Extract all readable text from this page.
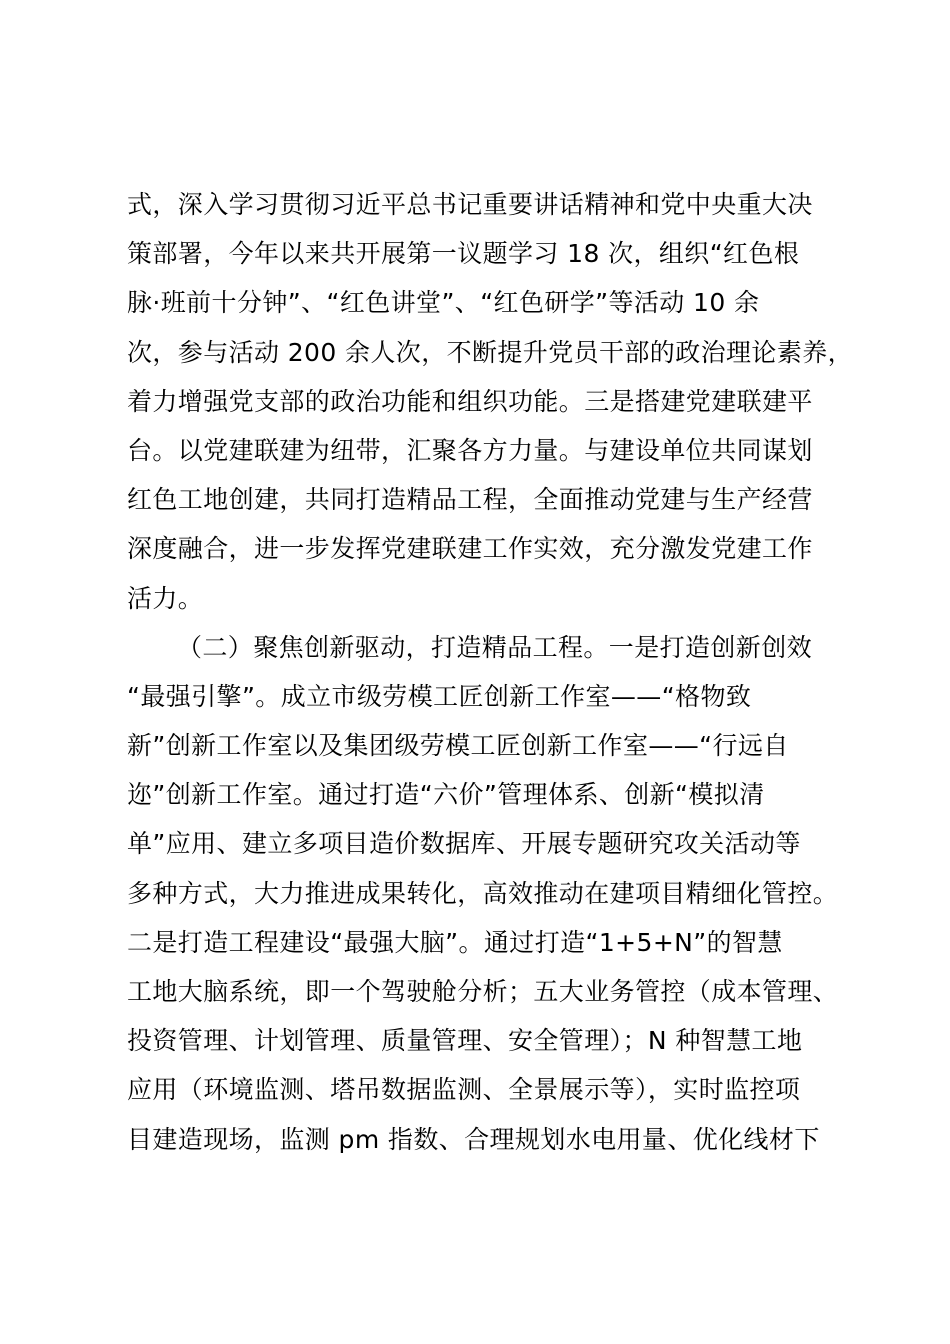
式，深入学习贯彻习近平总书记重要讲话精神和党中央重大决
策部署，今年以来共开展第一议题学习 18 次，组织“红色根
脉·班前十分钟”、“红色讲堂”、“红色研学”等活动 10 余
次，参与活动 200 余人次，不断提升党员干部的政治理论素养，
着力增强党支部的政治功能和组织功能。三是搭建党建联建平
台。以党建联建为纽带，汇聚各方力量。与建设单位共同谋划
红色工地创建，共同打造精品工程，全面推动党建与生产经营
深度融合，进一步发挥党建联建工作实效，充分激发党建工作
活力。
（二）聚焦创新驱动，打造精品工程。一是打造创新创效
“最强引擎”。成立市级劳模工匠创新工作室——“格物致
新”创新工作室以及集团级劳模工匠创新工作室——“行远自
迩”创新工作室。通过打造“六价”管理体系、创新“模拟清
单”应用、建立多项目造价数据库、开展专题研究攻关活动等
多种方式，大力推进成果转化，高效推动在建项目精细化管控。
二是打造工程建设“最强大脑”。通过打造“1+5+N”的智慧
工地大脑系统，即一个驾驶舱分析；五大业务管控（成本管理、
投资管理、计划管理、质量管理、安全管理）；N 种智慧工地
应用（环境监测、塔吊数据监测、全景展示等），实时监控项
目建造现场，监测 pm 指数、合理规划水电用量、优化线材下
